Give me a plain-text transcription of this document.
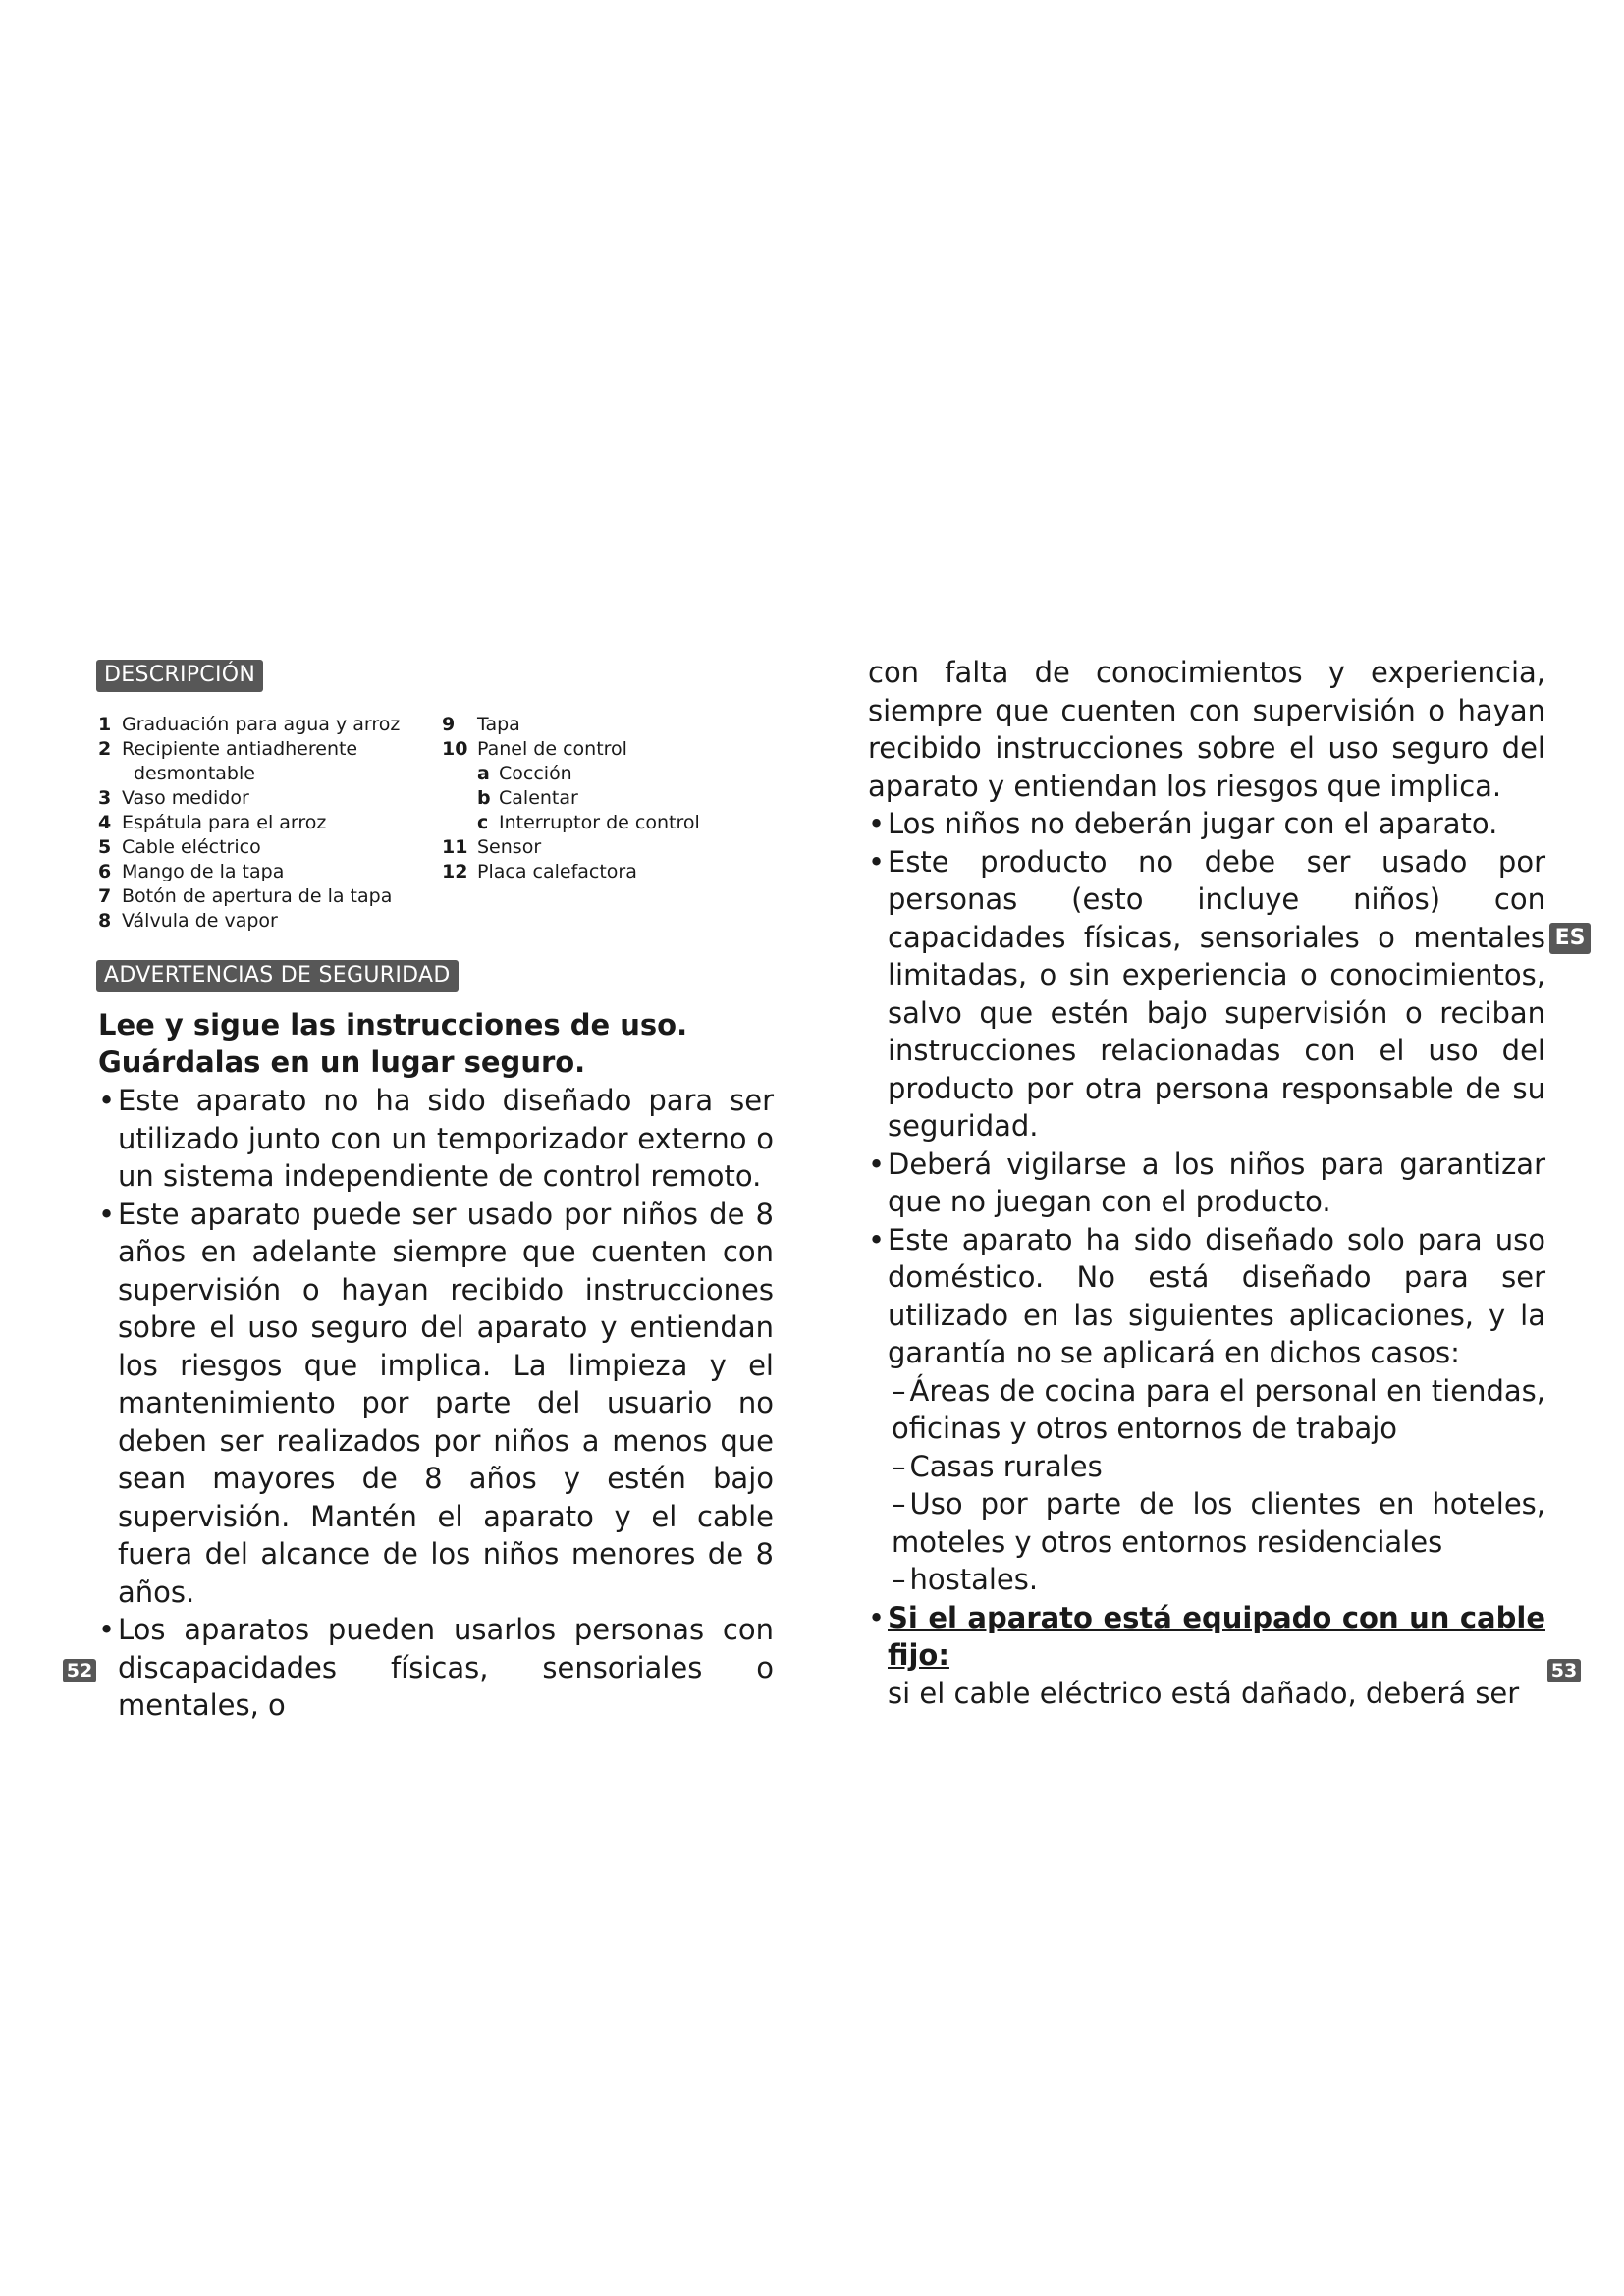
DESCRIPCIÓN
1 Graduación para agua y arroz
2 Recipiente antiadherente
desmontable
3 Vaso medidor
4 Espátula para el arroz
5 Cable eléctrico
6 Mango de la tapa
7 Botón de apertura de la tapa
8 Válvula de vapor
9	Tapa
10 Panel de control
a Cocción
b Calentar
c Interruptor de control
11 Sensor
12 Placa calefactora
ADVERTENCIAS DE SEGURIDAD

Lee y sigue las instrucciones de uso. Guárdalas en un lugar seguro.

• Este aparato no ha sido diseñado para ser utilizado junto con un temporizador externo o un sistema independiente de control remoto.

• Este aparato puede ser usado por niños de 8 años en adelante siempre que cuenten con supervisión o hayan recibido instrucciones sobre el uso seguro del aparato y entiendan los riesgos que implica. La limpieza y el mantenimiento por parte del usuario no deben ser realizados por niños a menos que sean mayores de 8 años y estén bajo supervisión. Mantén el aparato y el cable fuera del alcance de los niños menores de 8 años.

• Los aparatos pueden usarlos personas con discapacidades físicas, sensoriales o mentales, o

52

con falta de conocimientos y experiencia, siempre que cuenten con supervisión o hayan recibido instrucciones sobre el uso seguro del aparato y entiendan los riesgos que implica.

• Los niños no deberán jugar con el aparato.

• Este producto no debe ser usado por personas (esto incluye niños) con capacidades físicas, sensoriales o mentales limitadas, o sin experiencia o conocimientos, salvo que estén bajo supervisión o reciban instrucciones relacionadas con el uso del producto por otra persona responsable de su seguridad.

• Deberá vigilarse a los niños para garantizar que no juegan con el producto.

• Este aparato ha sido diseñado solo para uso doméstico. No está diseñado para ser utilizado en las siguientes aplicaciones, y la garantía no se aplicará en dichos casos:

– Áreas de cocina para el personal en tiendas, oficinas y otros entornos de trabajo

– Casas rurales

– Uso por parte de los clientes en hoteles, moteles y otros entornos residenciales

– hostales.

• Si el aparato está equipado con un cable fijo:

si el cable eléctrico está dañado, deberá ser

ES
53
